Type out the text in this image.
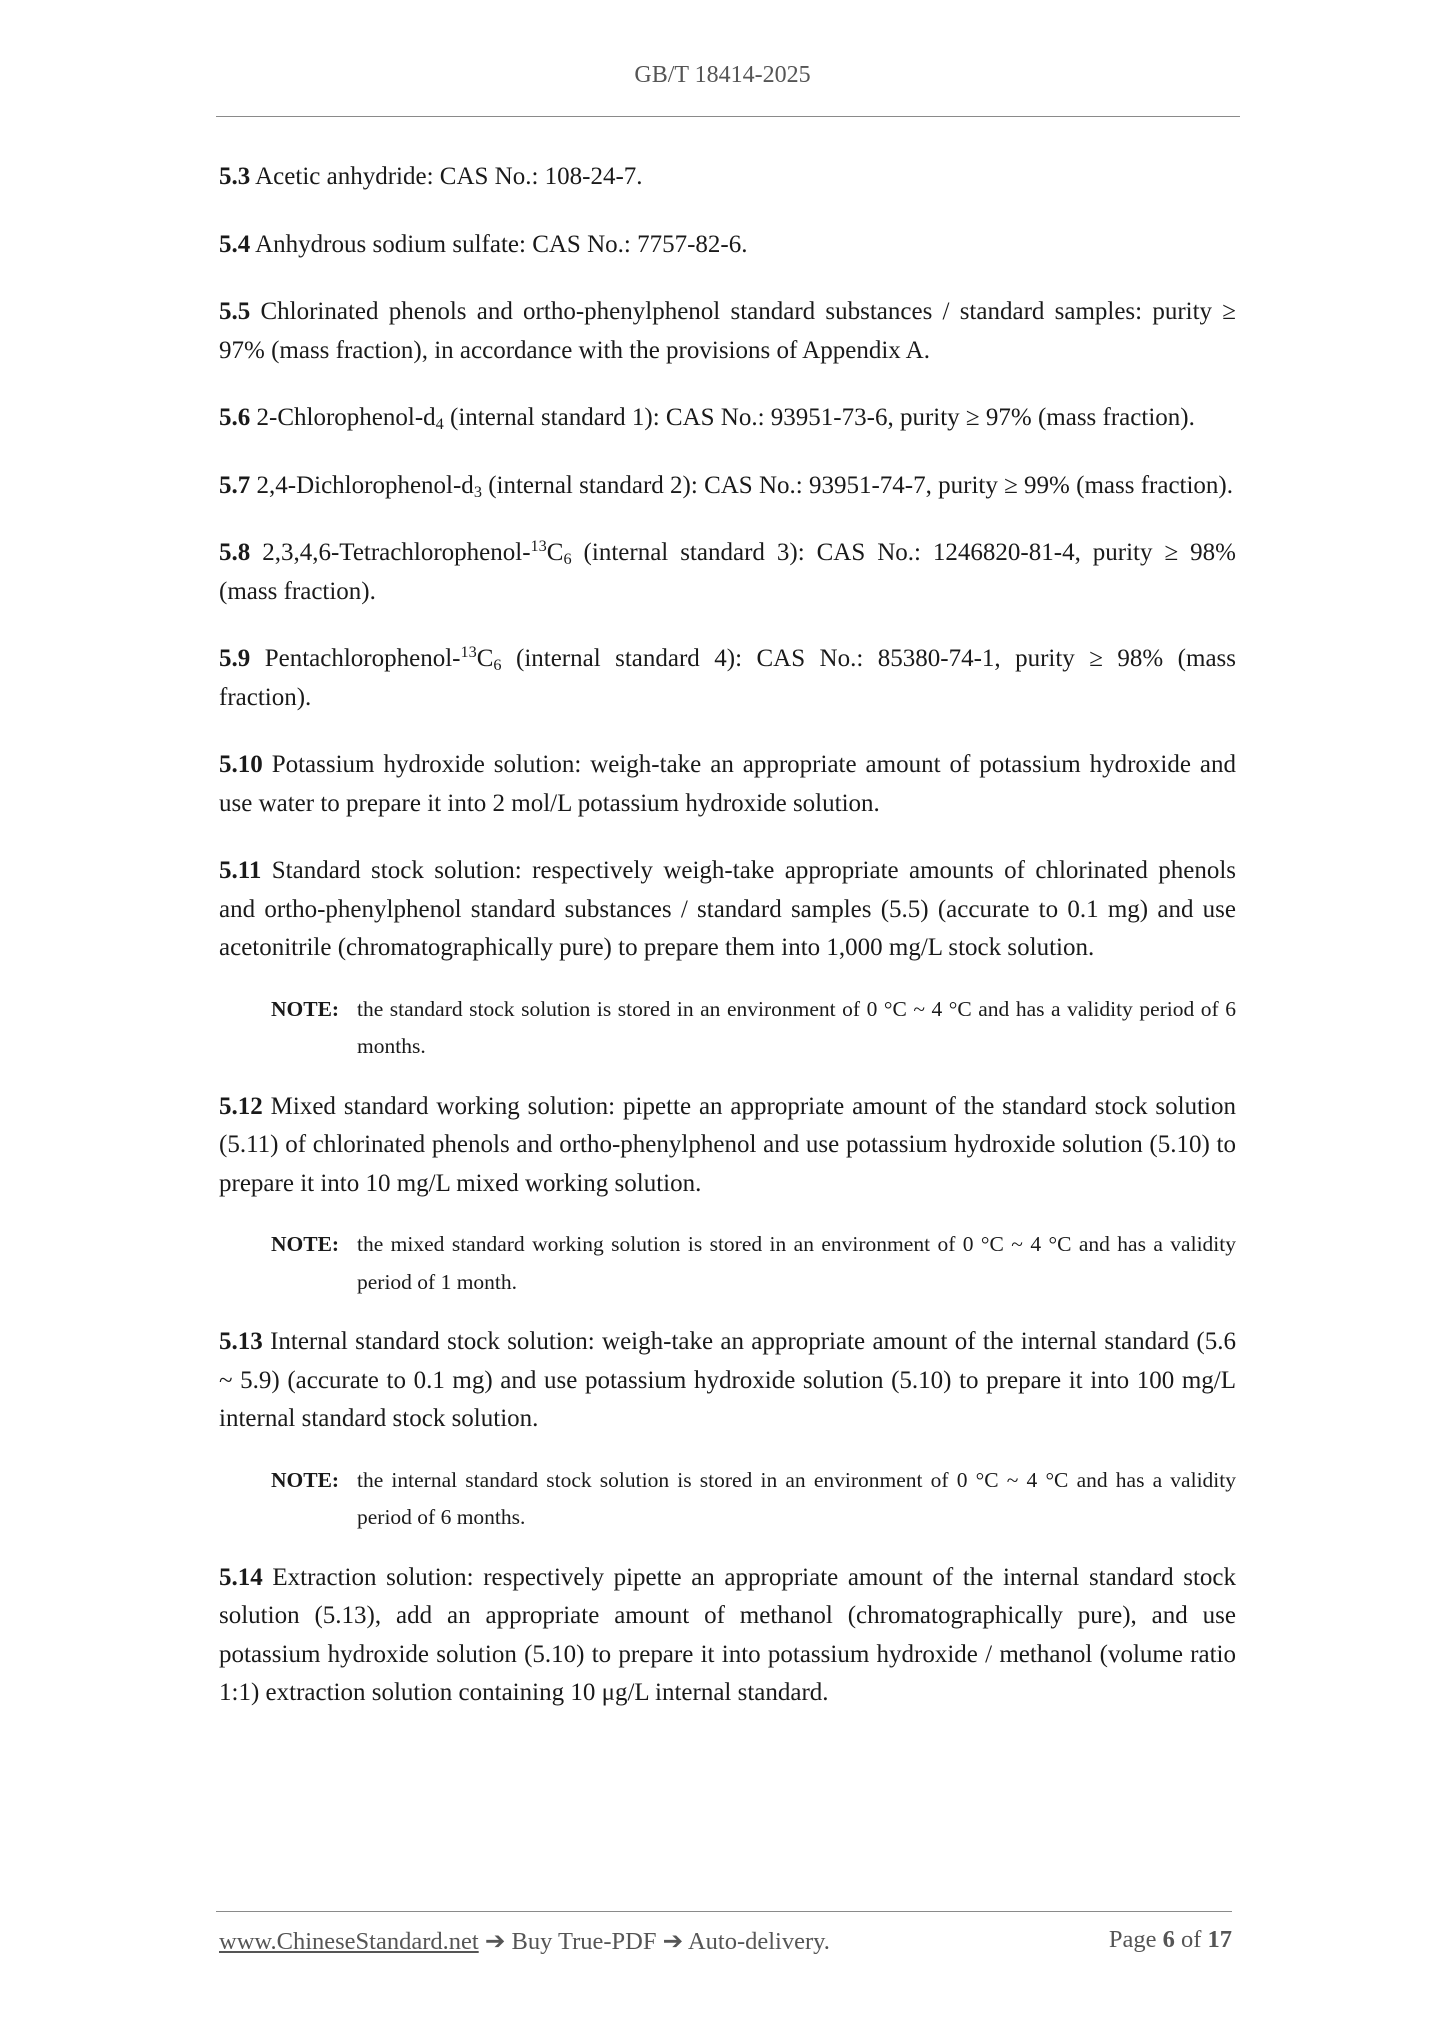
GB/T 18414-2025

5.3 Acetic anhydride: CAS No.: 108-24-7.

5.4 Anhydrous sodium sulfate: CAS No.: 7757-82-6.

5.5 Chlorinated phenols and ortho-phenylphenol standard substances / standard samples: purity ≥ 97% (mass fraction), in accordance with the provisions of Appendix A.

5.6 $2-Chlorophenol-d_4$ (internal standard 1): CAS No.: 93951-73-6, purity ≥ 97% (mass fraction).

5.7 $2,4-Dichlorophenol-d_3$ (internal standard 2): CAS No.: 93951-74-7, purity ≥ 99% (mass fraction).

5.8 $2,3,4,6-Tetrachlorophenol-^{13}C_6$ (internal standard 3): CAS No.: 1246820-81-4, purity ≥ 98% (mass fraction).

5.9 Pentachlorophenol-$^{13}C_6$ (internal standard 4): CAS No.: 85380-74-1, purity ≥ 98% (mass fraction).

5.10 Potassium hydroxide solution: weigh-take an appropriate amount of potassium hydroxide and use water to prepare it into 2 mol/L potassium hydroxide solution.

5.11 Standard stock solution: respectively weigh-take appropriate amounts of chlorinated phenols and ortho-phenylphenol standard substances / standard samples (5.5) (accurate to 0.1 mg) and use acetonitrile (chromatographically pure) to prepare them into 1,000 mg/L stock solution.

NOTE: the standard stock solution is stored in an environment of 0 °C ~ 4 °C and has a validity period of 6 months.

5.12 Mixed standard working solution: pipette an appropriate amount of the standard stock solution (5.11) of chlorinated phenols and ortho-phenylphenol and use potassium hydroxide solution (5.10) to prepare it into 10 mg/L mixed working solution.

NOTE: the mixed standard working solution is stored in an environment of 0 °C ~ 4 °C and has a validity period of 1 month.

5.13 Internal standard stock solution: weigh-take an appropriate amount of the internal standard (5.6 ~ 5.9) (accurate to 0.1 mg) and use potassium hydroxide solution (5.10) to prepare it into 100 mg/L internal standard stock solution.

NOTE: the internal standard stock solution is stored in an environment of 0 °C ~ 4 °C and has a validity period of 6 months.

5.14 Extraction solution: respectively pipette an appropriate amount of the internal standard stock solution (5.13), add an appropriate amount of methanol (chromatographically pure), and use potassium hydroxide solution (5.10) to prepare it into potassium hydroxide / methanol (volume ratio 1:1) extraction solution containing 10 μg/L internal standard.

www.ChineseStandard.net ➔ Buy True-PDF ➔ Auto-delivery.	Page 6 of 17
